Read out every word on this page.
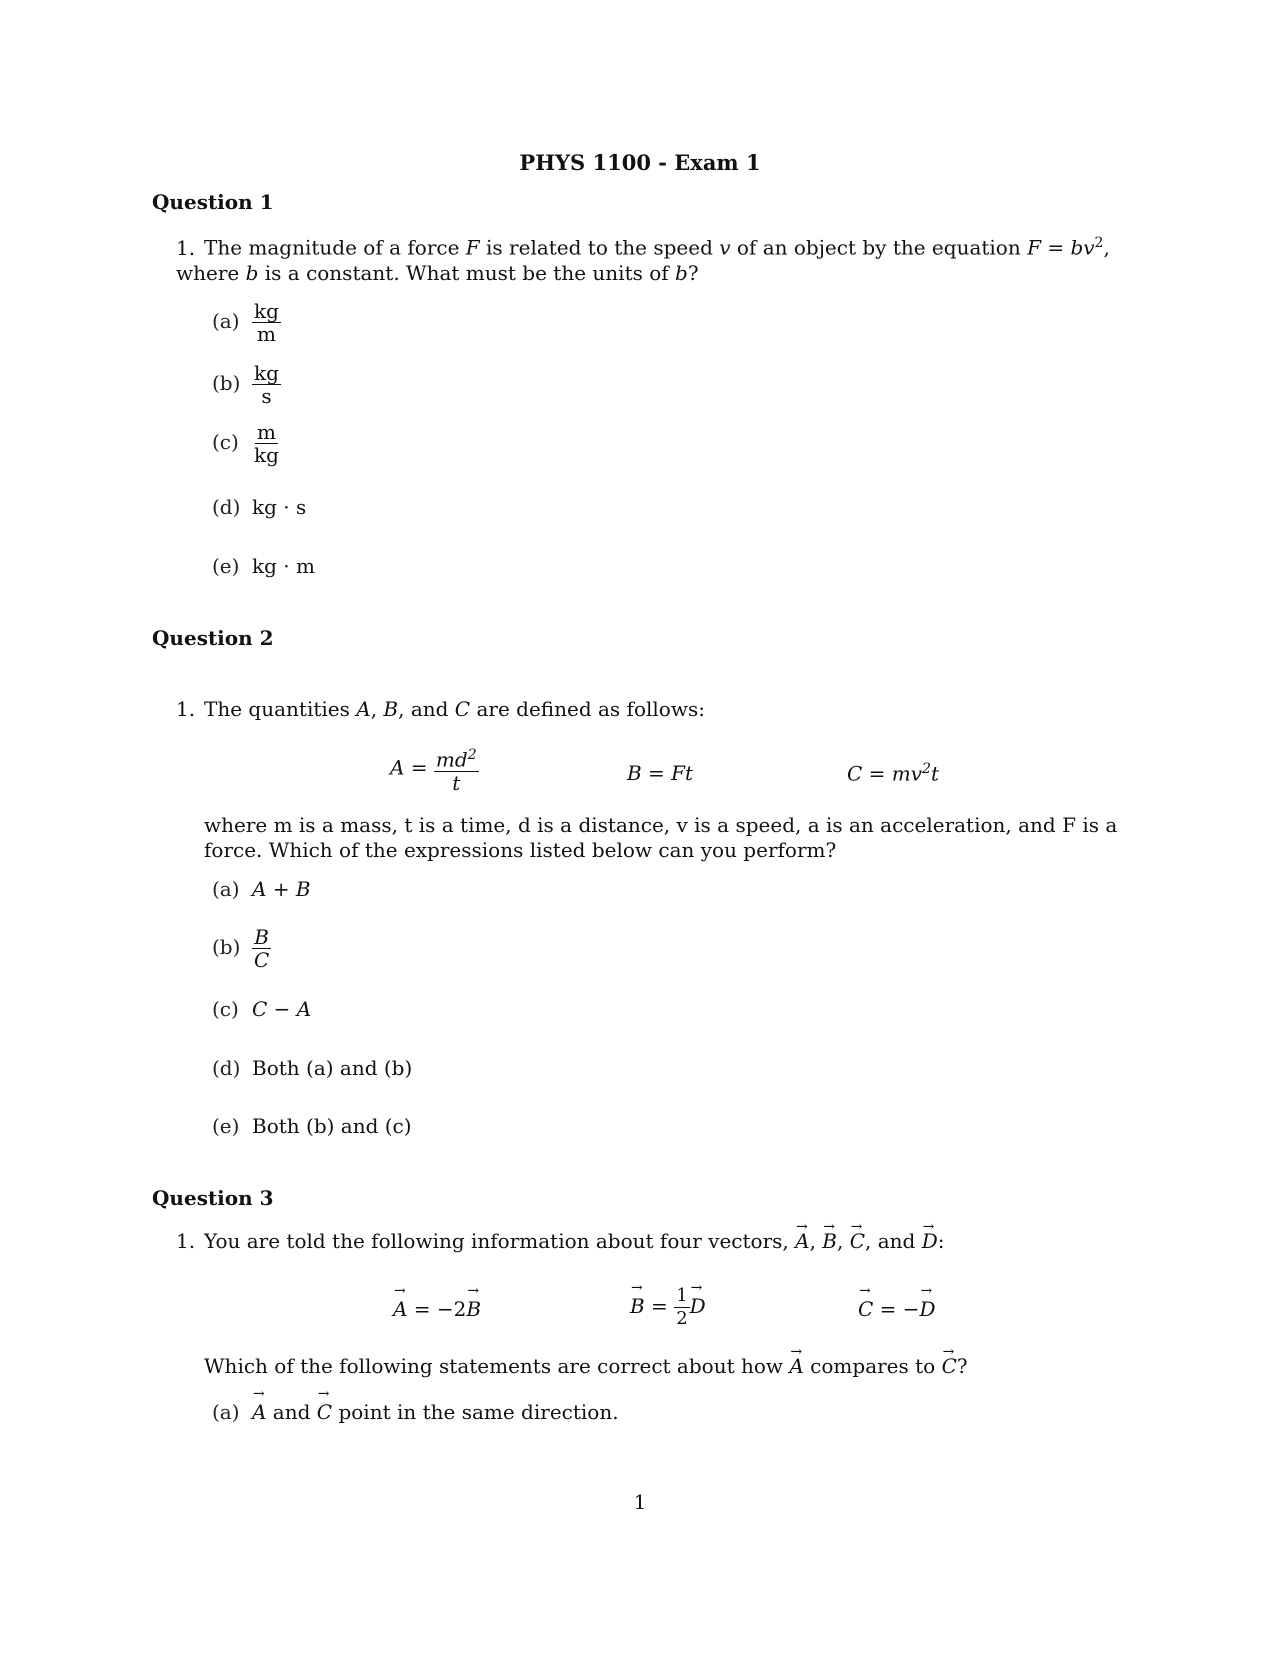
PHYS 1100 - Exam 1
Question 1
1. The magnitude of a force F is related to the speed v of an object by the equation $F = bv^2$, where b is a constant. What must be the units of b?
$(a) \frac{kg}{m}$
$(b) \frac{kg}{s}$
$(c) \frac{m}{kg}$
(d) kg · s
(e) kg · m
Question 2
1. The quantities A, B, and C are defined as follows:
$A = \frac{md^2}{t}$	B = Ft	$C = mv^2t$
where m is a mass, t is a time, d is a distance, v is a speed, a is an acceleration, and F is a force. Which of the expressions listed below can you perform?
(a) A + B
$(b) \frac{B}{C}$
(c) C − A
(d) Both (a) and (b)
(e) Both (b) and (c)
Question 3
1. You are told the following information about four vectors, → A, → B, → C, and → D:
→ A = −2→ B
→	$B = \frac{1}{2}$
→ D
→	C = −→ D
Which of the following statements are correct about how → A compares to → C?
(a)→ A and → C point in the same direction.
1
